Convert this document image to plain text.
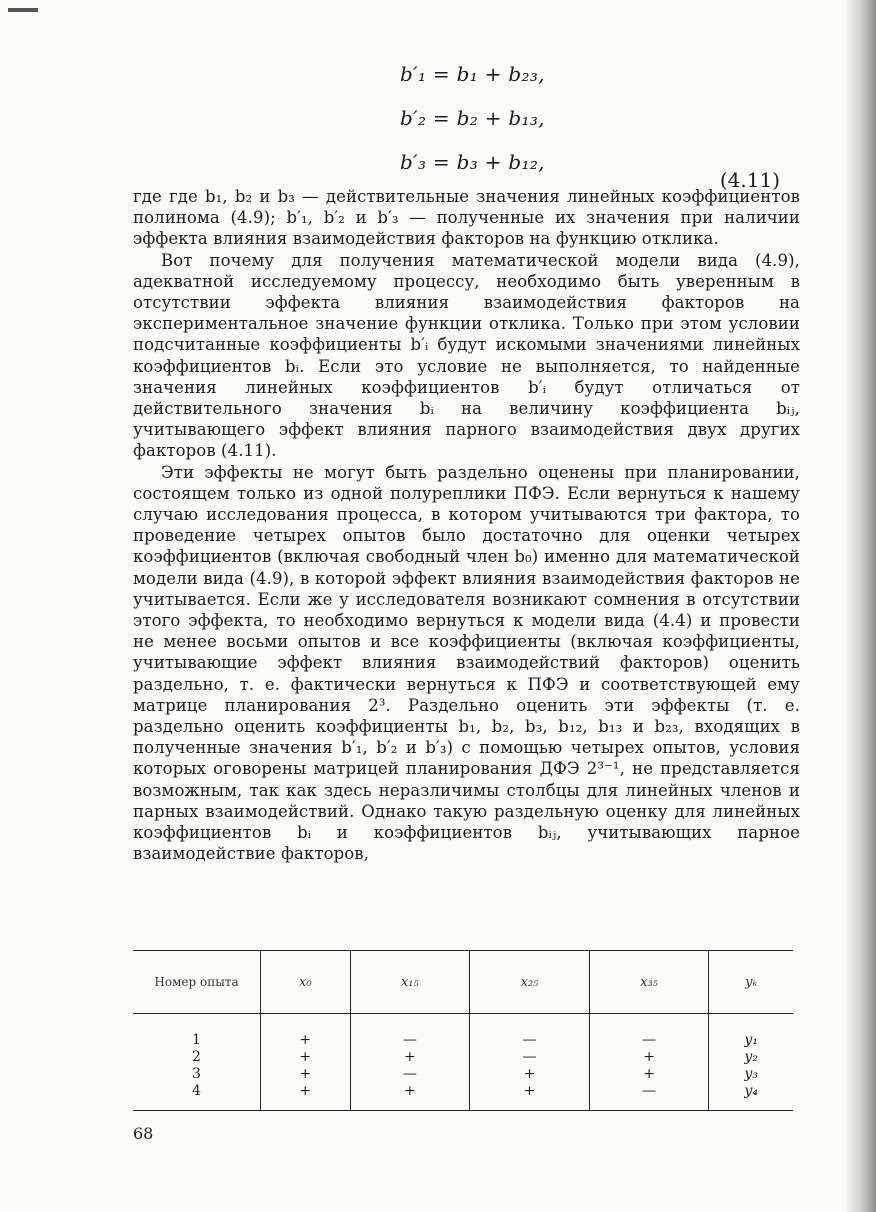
b′₁ = b₁ + b₂₃,
b′₂ = b₂ + b₁₃,
b′₃ = b₃ + b₁₂,
(4.11)

где где b₁, b₂ и b₃ — действительные значения линейных коэффициентов полинома (4.9); b′₁, b′₂ и b′₃ — полученные их значения при наличии эффекта влияния взаимодействия факторов на функцию отклика.

Вот почему для получения математической модели вида (4.9), адекватной исследуемому процессу, необходимо быть уверенным в отсутствии эффекта влияния взаимодействия факторов на экспериментальное значение функции отклика. Только при этом условии подсчитанные коэффициенты b′ᵢ будут искомыми значениями линейных коэффициентов bᵢ. Если это условие не выполняется, то найденные значения линейных коэффициентов b′ᵢ будут отличаться от действительного значения bᵢ на величину коэффициента bᵢⱼ, учитывающего эффект влияния парного взаимодействия двух других факторов (4.11).

Эти эффекты не могут быть раздельно оценены при планировании, состоящем только из одной полуреплики ПФЭ. Если вернуться к нашему случаю исследования процесса, в котором учитываются три фактора, то проведение четырех опытов было достаточно для оценки четырех коэффициентов (включая свободный член b₀) именно для математической модели вида (4.9), в которой эффект влияния взаимодействия факторов не учитывается. Если же у исследователя возникают сомнения в отсутствии этого эффекта, то необходимо вернуться к модели вида (4.4) и провести не менее восьми опытов и все коэффициенты (включая коэффициенты, учитывающие эффект влияния взаимодействий факторов) оценить раздельно, т. е. фактически вернуться к ПФЭ и соответствующей ему матрице планирования 2³. Раздельно оценить эти эффекты (т. е. раздельно оценить коэффициенты b₁, b₂, b₃, b₁₂, b₁₃ и b₂₃, входящих в полученные значения b′₁, b′₂ и b′₃) с помощью четырех опытов, условия которых оговорены матрицей планирования ДФЭ 2³⁻¹, не представляется возможным, так как здесь неразличимы столбцы для линейных членов и парных взаимодействий. Однако такую раздельную оценку для линейных коэффициентов bᵢ и коэффициентов bᵢⱼ, учитывающих парное взаимодействие факторов,

Номер опыта	x₀	x₁₅	x₂₅	x₃₅	yₖ
1	+	—	—	—	y₁
2	+	+	—	+	y₂
3	+	—	+	+	y₃
4	+	+	+	—	y₄
68
